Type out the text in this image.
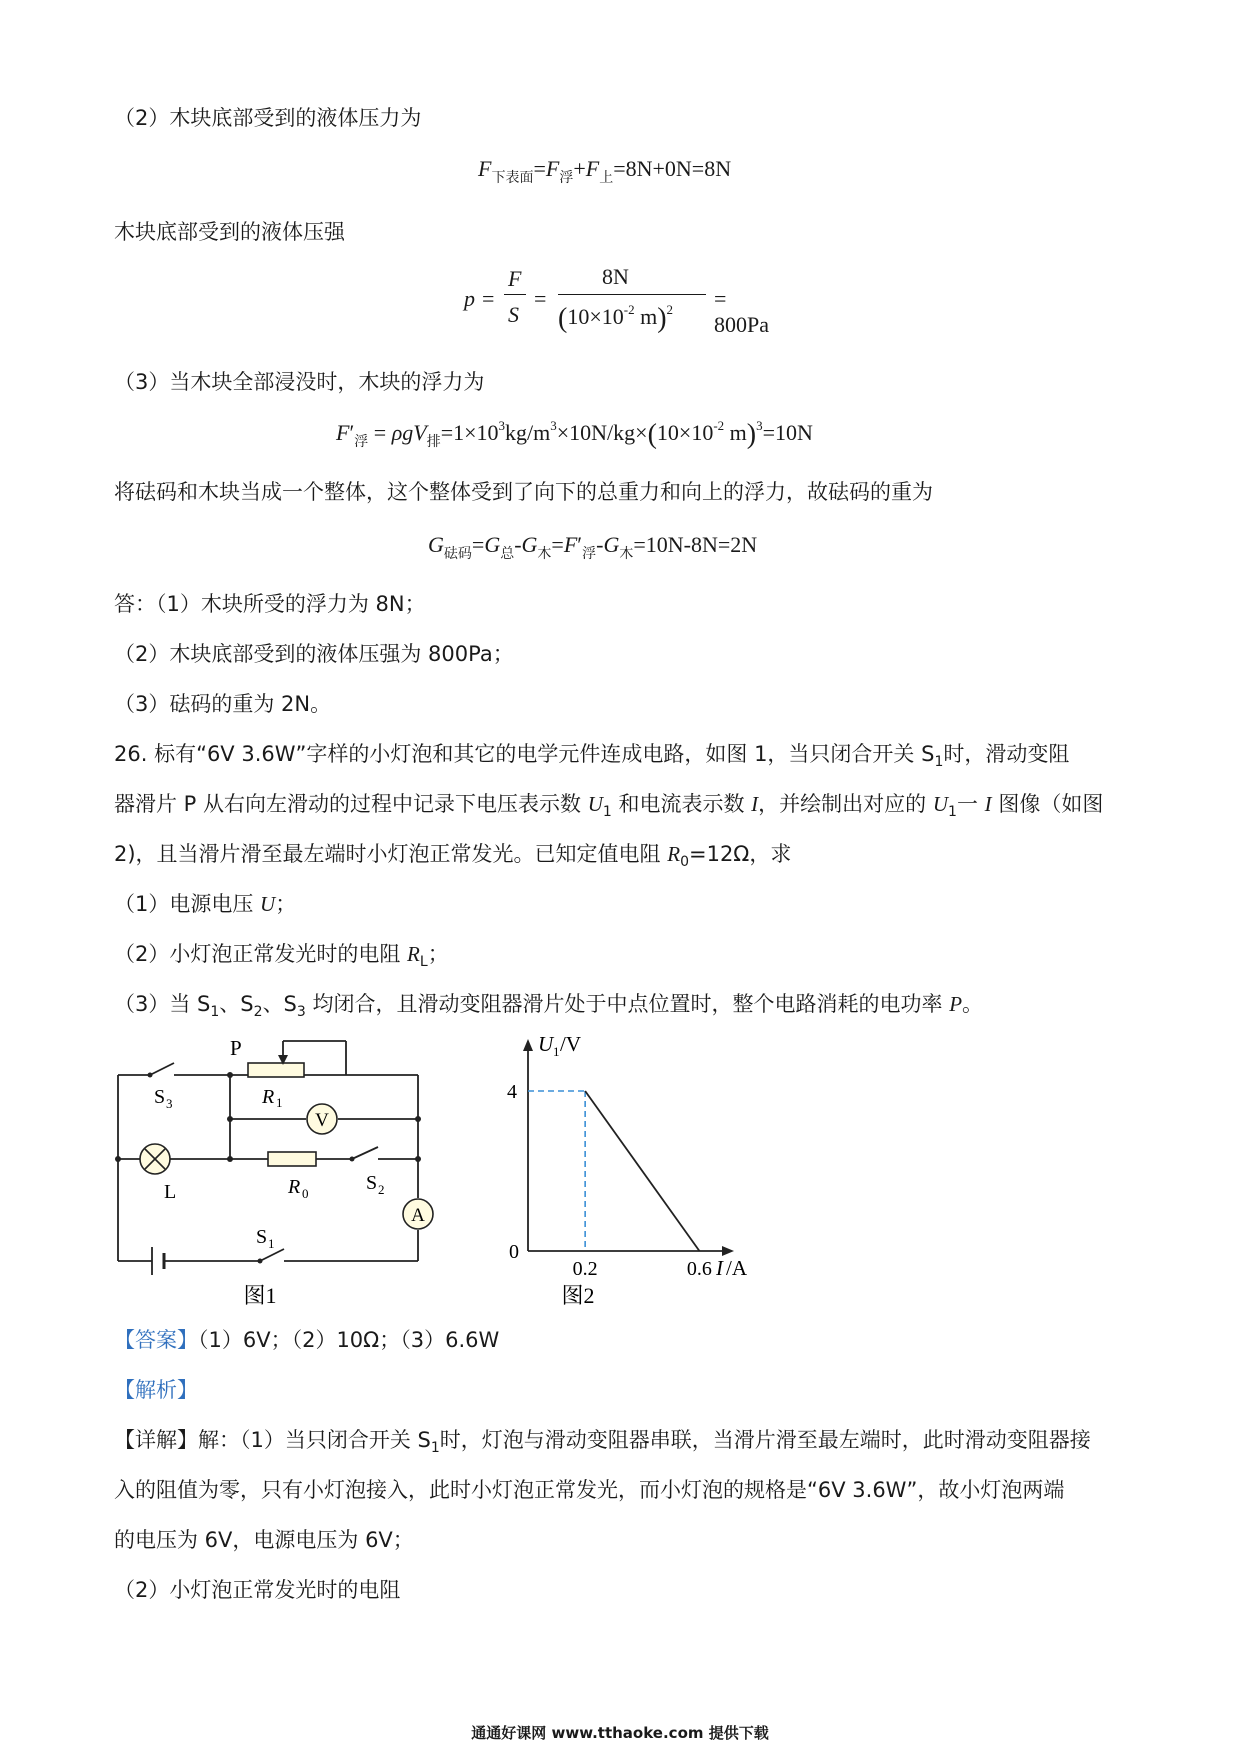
（2）木块底部受到的液体压力为
$F_{下表面}=F_浮+F_上=8N+0N=8N$
木块底部受到的液体压强
p =
F
S
=
8N
($10\times 10^{-2}$ m)$^2$ = 800Pa
（3）当木块全部浸没时，木块的浮力为
$F'_浮 = \rho gV_排=1\times 10^3kg/m^3\times 10N/kg\times(10\times 10^{-2}$ m)$^3$=10N
将砝码和木块当成一个整体，这个整体受到了向下的总重力和向上的浮力，故砝码的重为
$G_{砝码}=G_总-G_木=F'_浮-G_木=10N-8N=2N$
答：（1）木块所受的浮力为 8N；
（2）木块底部受到的液体压强为 800Pa；
（3）砝码的重为 2N。
26. 标有“6V 3.6W”字样的小灯泡和其它的电学元件连成电路，如图 1，当只闭合开关 $S_1$时，滑动变阻
器滑片 P 从右向左滑动的过程中记录下电压表示数 $U_1$ 和电流表示数 I，并绘制出对应的 $U_1$一 I 图像（如图
2)，且当滑片滑至最左端时小灯泡正常发光。已知定值电阻 $R_0=12\Omega$，求
（1）电源电压 U；
（2）小灯泡正常发光时的电阻 $R_L$；
（3）当 $S_1$、$S_2$、$S_3$ 均闭合，且滑动变阻器滑片处于中点位置时，整个电路消耗的电功率 P。
V
A
P
R 1
R 0
S 3
S 2
S 1
L
图1
U 1 /V
0
4
0.2	0.6 I /A
图2
【答案】（1）6V；（2）10Ω；（3）6.6W
【解析】
【详解】解：（1）当只闭合开关 $S_1$时，灯泡与滑动变阻器串联，当滑片滑至最左端时，此时滑动变阻器接
入的阻值为零，只有小灯泡接入，此时小灯泡正常发光，而小灯泡的规格是“6V 3.6W”，故小灯泡两端
的电压为 6V，电源电压为 6V；
（2）小灯泡正常发光时的电阻
通通好课网 www.tthaoke.com 提供下载
